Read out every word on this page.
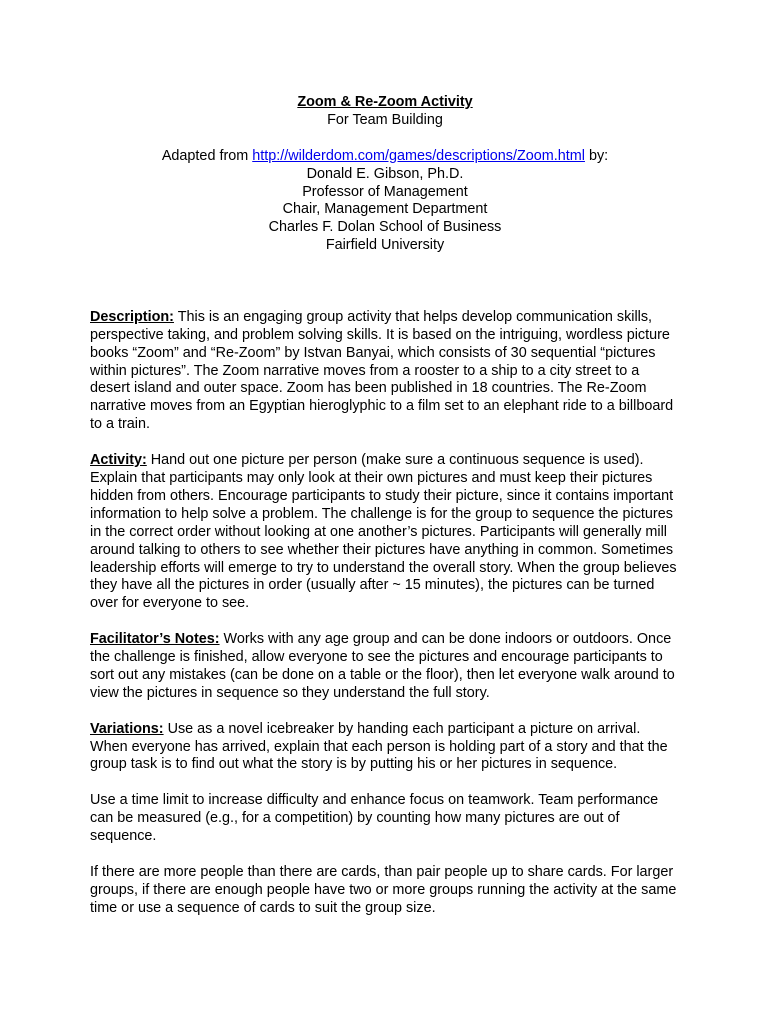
Zoom & Re-Zoom Activity
For Team Building
Adapted from http://wilderdom.com/games/descriptions/Zoom.html by:
Donald E. Gibson, Ph.D.
Professor of Management
Chair, Management Department
Charles F. Dolan School of Business
Fairfield University

Description: This is an engaging group activity that helps develop communication skills, perspective taking, and problem solving skills. It is based on the intriguing, wordless picture books “Zoom” and “Re-Zoom” by Istvan Banyai, which consists of 30 sequential “pictures within pictures”. The Zoom narrative moves from a rooster to a ship to a city street to a desert island and outer space. Zoom has been published in 18 countries. The Re-Zoom narrative moves from an Egyptian hieroglyphic to a film set to an elephant ride to a billboard to a train.

Activity: Hand out one picture per person (make sure a continuous sequence is used). Explain that participants may only look at their own pictures and must keep their pictures hidden from others. Encourage participants to study their picture, since it contains important information to help solve a problem. The challenge is for the group to sequence the pictures in the correct order without looking at one another’s pictures. Participants will generally mill around talking to others to see whether their pictures have anything in common. Sometimes leadership efforts will emerge to try to understand the overall story. When the group believes they have all the pictures in order (usually after ~ 15 minutes), the pictures can be turned over for everyone to see.

Facilitator’s Notes: Works with any age group and can be done indoors or outdoors. Once the challenge is finished, allow everyone to see the pictures and encourage participants to sort out any mistakes (can be done on a table or the floor), then let everyone walk around to view the pictures in sequence so they understand the full story.

Variations: Use as a novel icebreaker by handing each participant a picture on arrival. When everyone has arrived, explain that each person is holding part of a story and that the group task is to find out what the story is by putting his or her pictures in sequence.

Use a time limit to increase difficulty and enhance focus on teamwork. Team performance can be measured (e.g., for a competition) by counting how many pictures are out of sequence.

If there are more people than there are cards, than pair people up to share cards. For larger groups, if there are enough people have two or more groups running the activity at the same time or use a sequence of cards to suit the group size.
